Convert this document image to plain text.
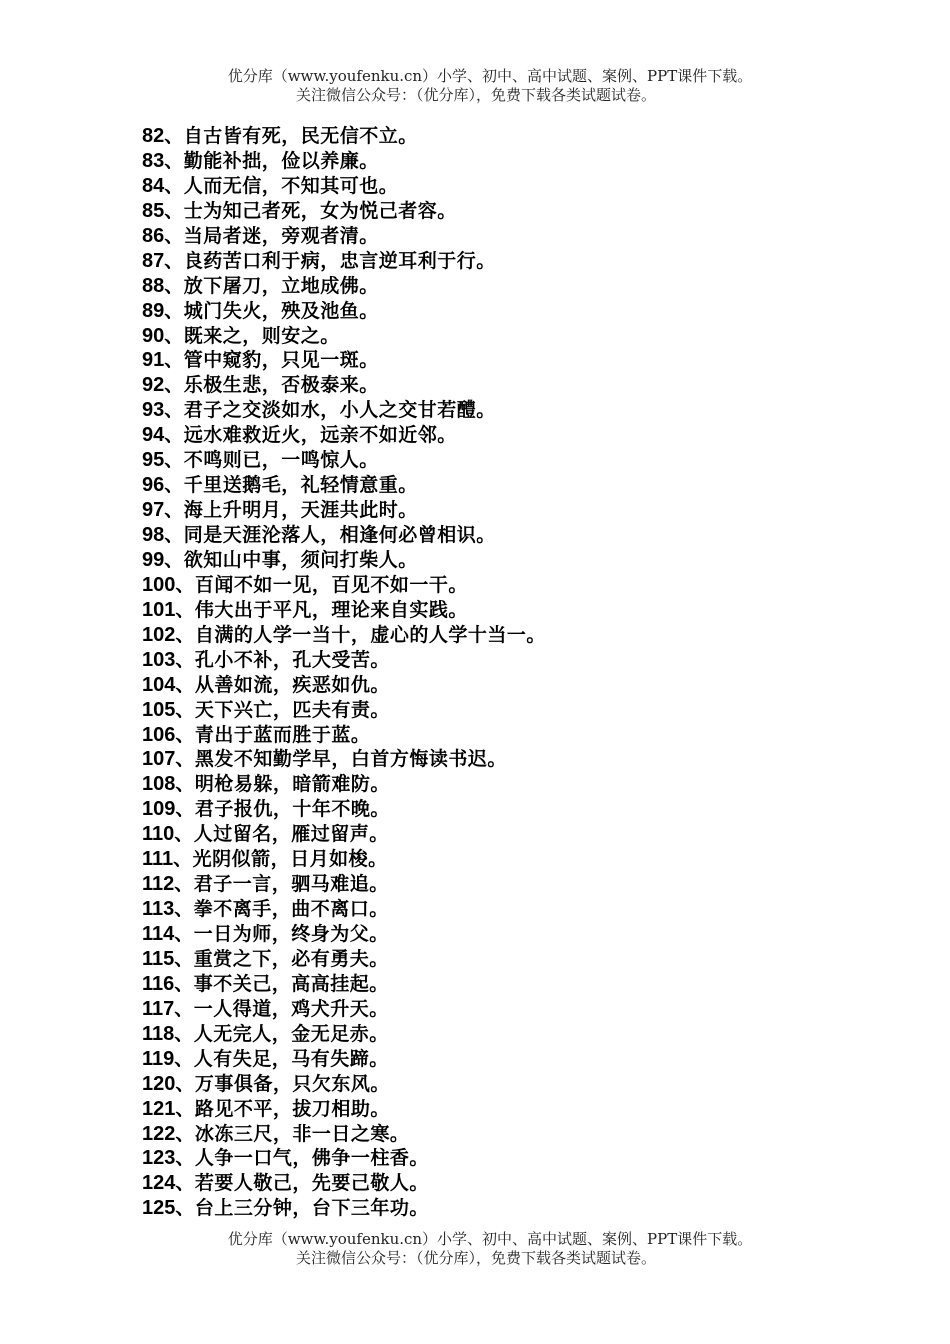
优分库（www.youfenku.cn）小学、初中、高中试题、案例、PPT课件下载。
关注微信公众号：（优分库），免费下载各类试题试卷。
82、自古皆有死，民无信不立。
83、勤能补拙，俭以养廉。
84、人而无信，不知其可也。
85、士为知己者死，女为悦己者容。
86、当局者迷，旁观者清。
87、良药苦口利于病，忠言逆耳利于行。
88、放下屠刀，立地成佛。
89、城门失火，殃及池鱼。
90、既来之，则安之。
91、管中窥豹，只见一斑。
92、乐极生悲，否极泰来。
93、君子之交淡如水，小人之交甘若醴。
94、远水难救近火，远亲不如近邻。
95、不鸣则已，一鸣惊人。
96、千里送鹅毛，礼轻情意重。
97、海上升明月，天涯共此时。
98、同是天涯沦落人，相逢何必曾相识。
99、欲知山中事，须问打柴人。
100、百闻不如一见，百见不如一干。
101、伟大出于平凡，理论来自实践。
102、自满的人学一当十，虚心的人学十当一。
103、孔小不补，孔大受苦。
104、从善如流，疾恶如仇。
105、天下兴亡，匹夫有责。
106、青出于蓝而胜于蓝。
107、黑发不知勤学早，白首方悔读书迟。
108、明枪易躲，暗箭难防。
109、君子报仇，十年不晚。
110、人过留名，雁过留声。
111、光阴似箭，日月如梭。
112、君子一言，驷马难追。
113、拳不离手，曲不离口。
114、一日为师，终身为父。
115、重赏之下，必有勇夫。
116、事不关己，高高挂起。
117、一人得道，鸡犬升天。
118、人无完人，金无足赤。
119、人有失足，马有失蹄。
120、万事俱备，只欠东风。
121、路见不平，拔刀相助。
122、冰冻三尺，非一日之寒。
123、人争一口气，佛争一柱香。
124、若要人敬己，先要己敬人。
125、台上三分钟，台下三年功。
优分库（www.youfenku.cn）小学、初中、高中试题、案例、PPT课件下载。
关注微信公众号：（优分库），免费下载各类试题试卷。
